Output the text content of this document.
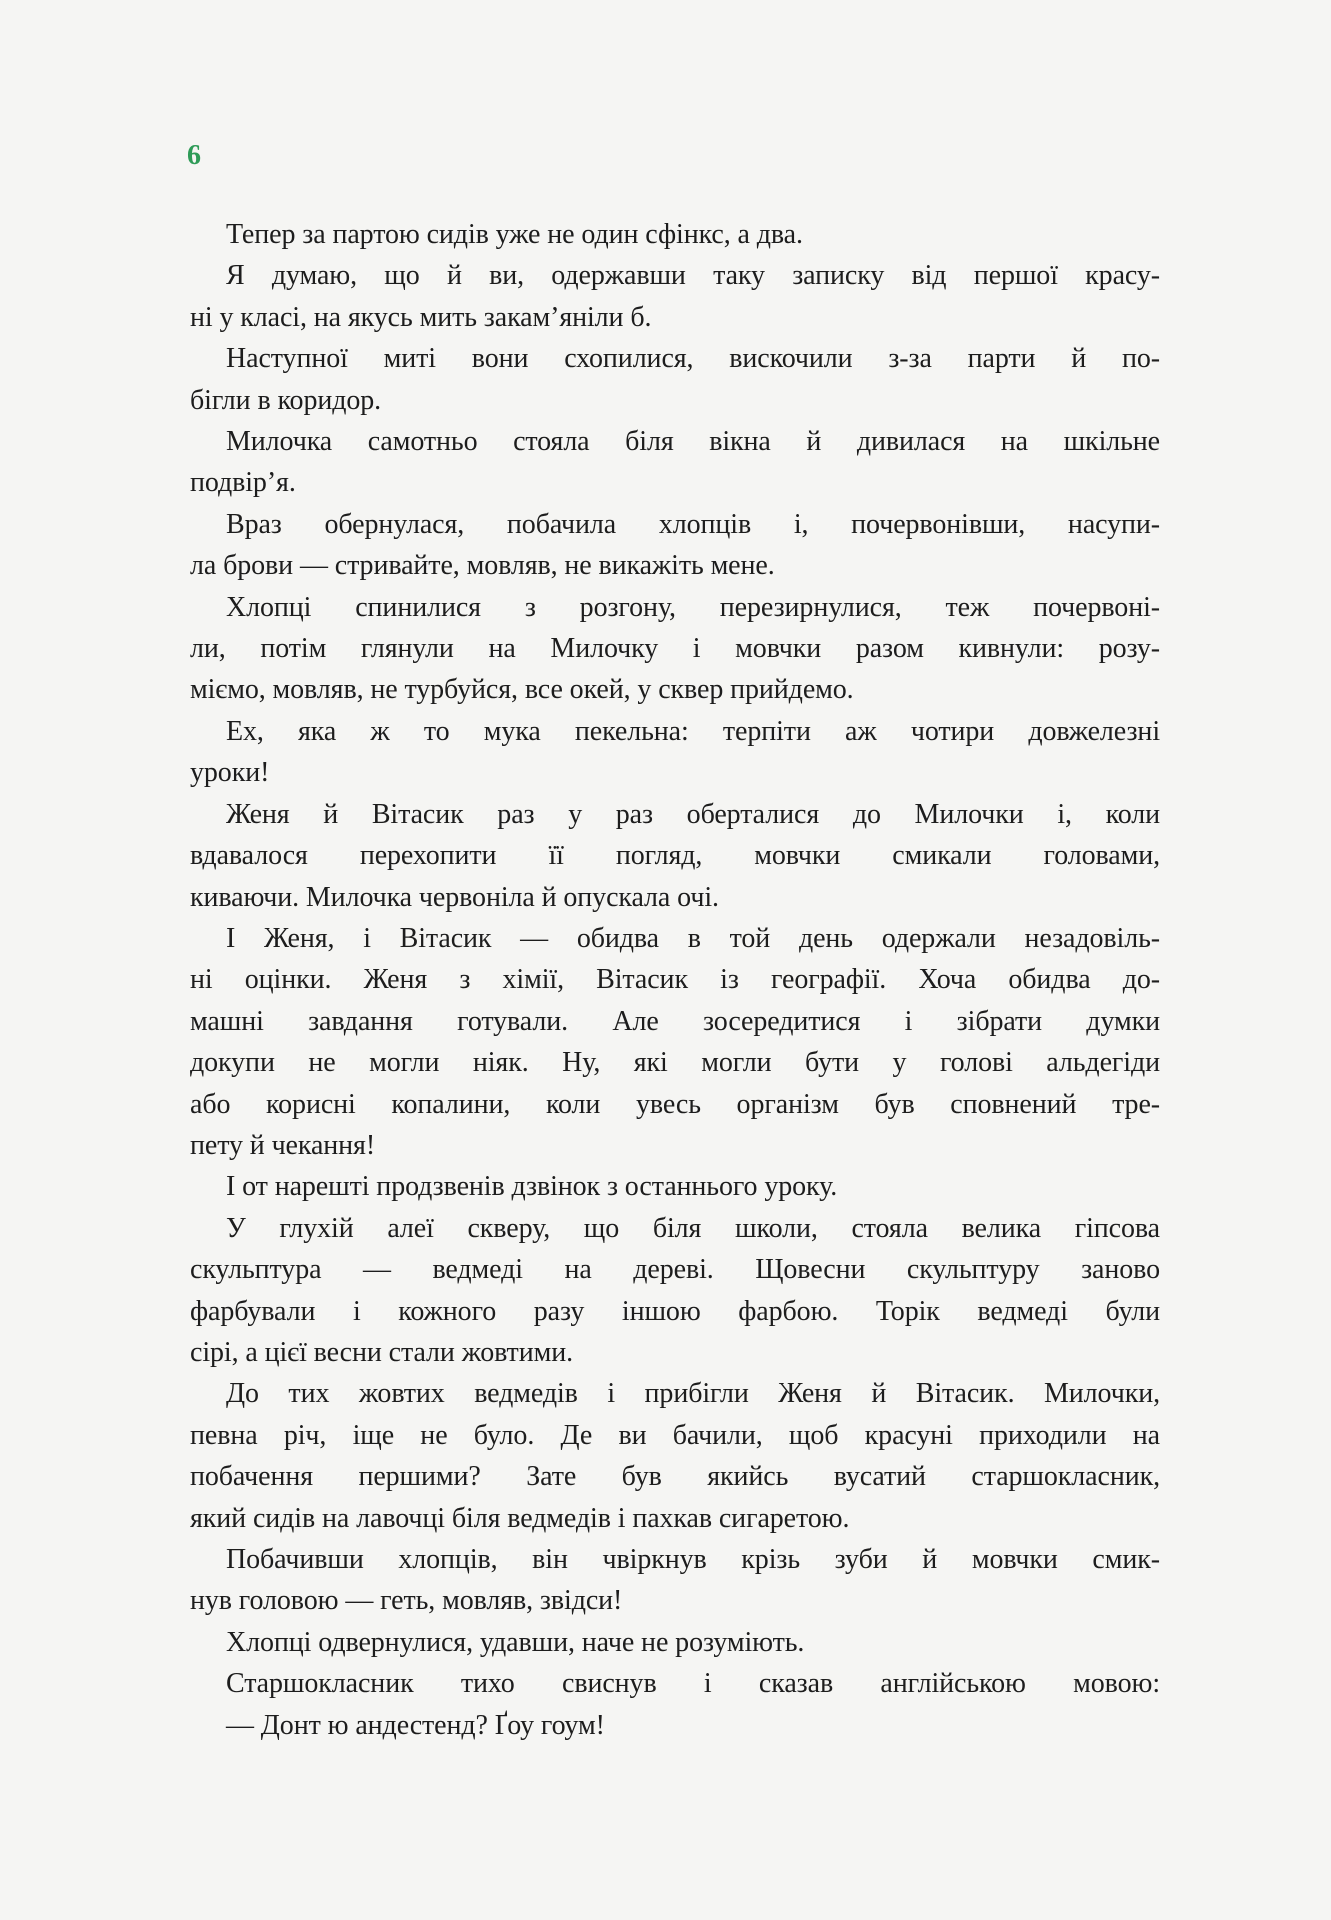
6
Тепер за партою сидів уже не один сфінкс, а два.
Я думаю, що й ви, одержавши таку записку від першої красу-
ні у класі, на якусь мить закам’яніли б.
Наступної миті вони схопилися, вискочили з-за парти й по-
бігли в коридор.
Милочка самотньо стояла біля вікна й дивилася на шкільне
подвір’я.
Враз обернулася, побачила хлопців і, почервонівши, насупи-
ла брови — стривайте, мовляв, не викажіть мене.
Хлопці спинилися з розгону, перезирнулися, теж почервоні-
ли, потім глянули на Милочку і мовчки разом кивнули: розу-
міємо, мовляв, не турбуйся, все окей, у сквер прийдемо.
Ех, яка ж то мука пекельна: терпіти аж чотири довжелезні
уроки!
Женя й Вітасик раз у раз оберталися до Милочки і, коли
вдавалося перехопити її погляд, мовчки смикали головами,
киваючи. Милочка червоніла й опускала очі.
І Женя, і Вітасик — обидва в той день одержали незадовіль-
ні оцінки. Женя з хімії, Вітасик із географії. Хоча обидва до-
машні завдання готували. Але зосередитися і зібрати думки
докупи не могли ніяк. Ну, які могли бути у голові альдегіди
або корисні копалини, коли увесь організм був сповнений тре-
пету й чекання!
І от нарешті продзвенів дзвінок з останнього уроку.
У глухій алеї скверу, що біля школи, стояла велика гіпсова
скульптура — ведмеді на дереві. Щовесни скульптуру заново
фарбували і кожного разу іншою фарбою. Торік ведмеді були
сірі, а цієї весни стали жовтими.
До тих жовтих ведмедів і прибігли Женя й Вітасик. Милочки,
певна річ, іще не було. Де ви бачили, щоб красуні приходили на
побачення першими? Зате був якийсь вусатий старшокласник,
який сидів на лавочці біля ведмедів і пахкав сигаретою.
Побачивши хлопців, він чвіркнув крізь зуби й мовчки смик-
нув головою — геть, мовляв, звідси!
Хлопці одвернулися, удавши, наче не розуміють.
Старшокласник тихо свиснув і сказав англійською мовою:
— Донт ю андестенд? Ґоу гоум!
